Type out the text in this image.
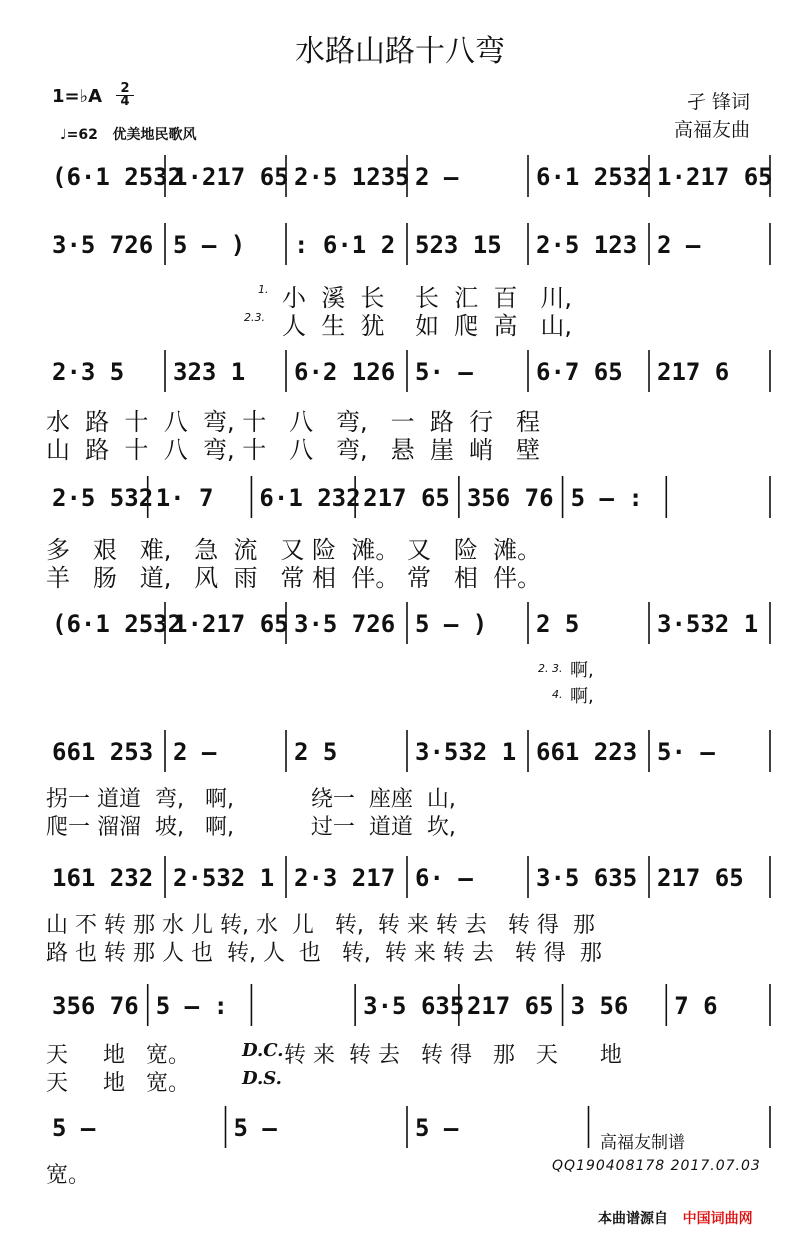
水路山路十八弯
1=♭A	2
4
♩=62 优美地民歌风
孑 锋词
高福友曲
(6·1 2532
1·217 65 2·5 1235 2 –	6·1 2532 1·217 65
3·5 726 5 – ) : 6·1 2 523 15 2·5 123 2 –
2·3 5 323 1 6·2 126 5· –	6·7 65 217 6
2·5 532 1· 7 6·1 232 217 65 356 76 5 – :
(6·1 2532
1·217 65 3·5 726 5 – ) 2 5	3·532 1
661 253 2 –	2 5	3·532 1 661 223 5· –
161 232 2·532 1 2·3 217 6· –	3·5 635 217 65
356 76 5 – :	3·5 635 217 65 3 56 7 6
5 –	5 –	5 –
1. 小  溪  长    长  汇  百   川,
2.3. 人  生  犹    如  爬  高   山,
水  路  十  八  弯, 十   八   弯,   一  路  行   程
山  路  十  八  弯, 十   八   弯,   悬  崖  峭   壁
多   艰   难,   急  流   又 险  滩。 又   险  滩。
羊   肠   道,   风  雨   常 相  伴。 常   相  伴。
2. 3. 啊,
4. 啊,
拐一 道道  弯,   啊,           绕一  座座  山,
爬一 溜溜  坡,   啊,           过一  道道  坎,
山 不 转 那 水 儿 转, 水  儿   转,  转 来 转 去   转 得  那
路 也 转 那 人 也  转, 人  也   转,  转 来 转 去   转 得  那
天     地   宽。	D.C. 转 来  转 去   转 得   那   天      地
天     地   宽。	D.S.
宽。
高福友制谱
QQ190408178 2017.07.03
本曲谱源自 中国词曲网
